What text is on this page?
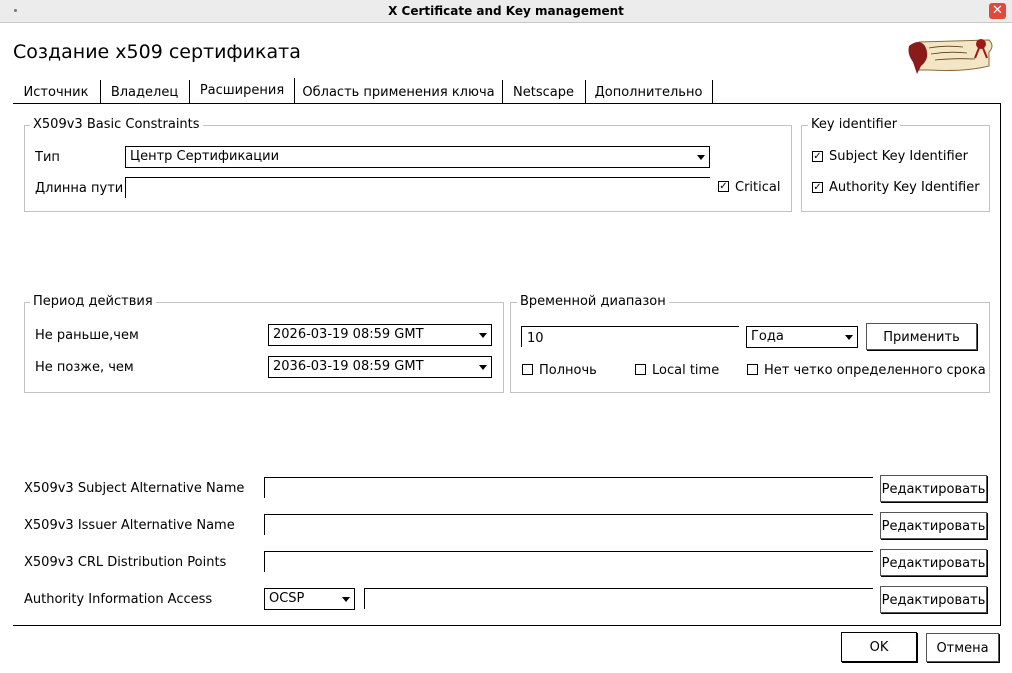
X Certificate and Key management	✕
Создание x509 сертификата
Источник	Владелец	Расширения	Область применения ключа	Netscape	Дополнительно
X509v3 Basic Constraints
Тип	Центр Сертификации
Длинна пути	✓ Critical
Key identifier
✓ Subject Key Identifier
✓ Authority Key Identifier
Период действия
Не раньше,чем	2026-03-19 08:59 GMT
Не позже, чем	2036-03-19 08:59 GMT
Временной диапазон
10	Года	Применить
Полночь	Local time	Нет четко определенного срока
X509v3 Subject Alternative Name	Редактировать
X509v3 Issuer Alternative Name	Редактировать
X509v3 CRL Distribution Points	Редактировать
Authority Information Access	OCSP	Редактировать
OK	Отмена
